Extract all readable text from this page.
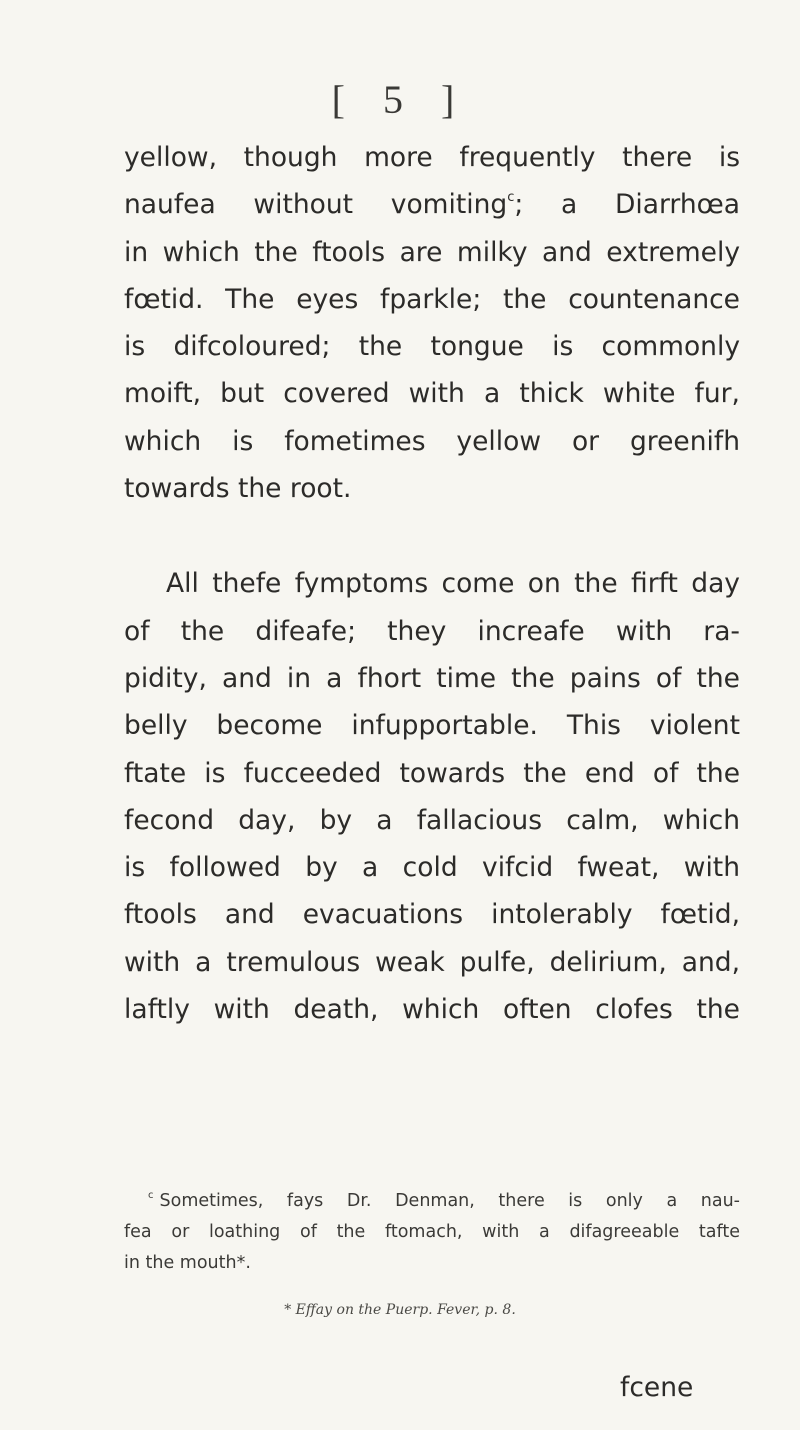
[ 5 ]
yellow, though more frequently there is
naufea without vomiting$^c$; a Diarrhœa
in which the ftools are milky and extremely
fœtid. The eyes fparkle; the countenance
is difcoloured; the tongue is commonly
moift, but covered with a thick white fur,
which is fometimes yellow or greenifh
towards the root.
All thefe fymptoms come on the firft day
of the difeafe; they increafe with ra-
pidity, and in a fhort time the pains of the
belly become infupportable. This violent
ftate is fucceeded towards the end of the
fecond day, by a fallacious calm, which
is followed by a cold vifcid fweat, with
ftools and evacuations intolerably fœtid,
with a tremulous weak pulfe, delirium, and,
laftly with death, which often clofes the
$^c$ Sometimes, fays Dr. Denman, there is only a nau-
fea or loathing of the ftomach, with a difagreeable tafte
in the mouth*.
* Effay on the Puerp. Fever, p. 8.
fcene
